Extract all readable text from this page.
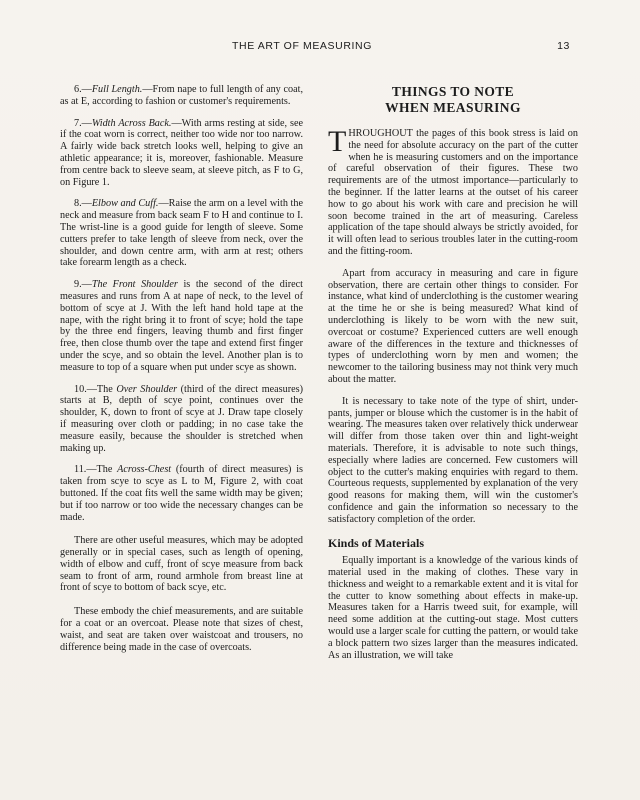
THE ART OF MEASURING	13

6.—Full Length.—From nape to full length of any coat, as at E, according to fashion or customer's requirements.

7.—Width Across Back.—With arms resting at side, see if the coat worn is correct, neither too wide nor too narrow. A fairly wide back stretch looks well, helping to give an athletic appearance; it is, moreover, fashionable. Measure from centre back to sleeve seam, at sleeve pitch, as F to G, on Figure 1.

8.—Elbow and Cuff.—Raise the arm on a level with the neck and measure from back seam F to H and continue to I. The wrist-line is a good guide for length of sleeve. Some cutters prefer to take length of sleeve from neck, over the shoulder, and down centre arm, with arm at rest; others take forearm length as a check.

9.—The Front Shoulder is the second of the direct measures and runs from A at nape of neck, to the level of bottom of scye at J. With the left hand hold tape at the nape, with the right bring it to front of scye; hold the tape by the three end fingers, leaving thumb and first finger free, then close thumb over the tape and extend first finger under the scye, and so obtain the level. Another plan is to measure to top of a square when put under scye as shown.

10.—The Over Shoulder (third of the direct measures) starts at B, depth of scye point, continues over the shoulder, K, down to front of scye at J. Draw tape closely if measuring over cloth or padding; in no case take the measure easily, because the shoulder is stretched when making up.

11.—The Across-Chest (fourth of direct measures) is taken from scye to scye as L to M, Figure 2, with coat buttoned. If the coat fits well the same width may be given; but if too narrow or too wide the necessary changes can be made.

There are other useful measures, which may be adopted generally or in special cases, such as length of opening, width of elbow and cuff, front of scye measure from back seam to front of arm, round armhole from breast line at front of scye to bottom of back scye, etc.

These embody the chief measurements, and are suitable for a coat or an overcoat. Please note that sizes of chest, waist, and seat are taken over waistcoat and trousers, no difference being made in the case of overcoats.

THINGS TO NOTE
WHEN MEASURING

THROUGHOUT the pages of this book stress is laid on the need for absolute accuracy on the part of the cutter when he is measuring customers and on the importance of careful observation of their figures. These two requirements are of the utmost importance—particularly to the beginner. If the latter learns at the outset of his career how to go about his work with care and precision he will soon become trained in the art of measuring. Careless application of the tape should always be strictly avoided, for it will often lead to serious troubles later in the cutting-room and the fitting-room.

Apart from accuracy in measuring and care in figure observation, there are certain other things to consider. For instance, what kind of underclothing is the customer wearing at the time he or she is being measured? What kind of underclothing is likely to be worn with the new suit, overcoat or costume? Experienced cutters are well enough aware of the differences in the texture and thicknesses of types of underclothing worn by men and women; the newcomer to the tailoring business may not think very much about the matter.

It is necessary to take note of the type of shirt, under-pants, jumper or blouse which the customer is in the habit of wearing. The measures taken over relatively thick underwear will differ from those taken over thin and light-weight materials. Therefore, it is advisable to note such things, especially where ladies are concerned. Few customers will object to the cutter's making enquiries with regard to them. Courteous requests, supplemented by explanation of the very good reasons for making them, will win the customer's confidence and gain the information so necessary to the satisfactory completion of the order.

Kinds of Materials

Equally important is a knowledge of the various kinds of material used in the making of clothes. These vary in thickness and weight to a remarkable extent and it is vital for the cutter to know something about effects in make-up. Measures taken for a Harris tweed suit, for example, will need some addition at the cutting-out stage. Most cutters would use a larger scale for cutting the pattern, or would take a block pattern two sizes larger than the measures indicated. As an illustration, we will take
